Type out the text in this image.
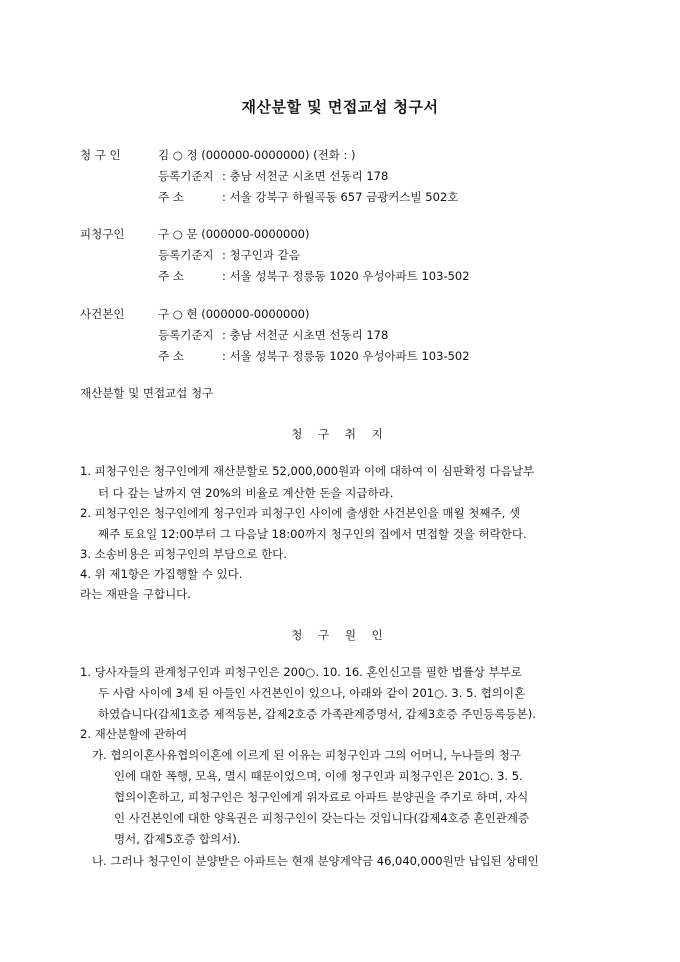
재산분할 및 면접교섭 청구서
청 구 인	김 ○ 정 (000000-0000000) (전화 : )
등록기준지 : 충남 서천군 시초면 선동리 178
주 소	: 서울 강북구 하월곡동 657 금광커스빌 502호
피청구인	구 ○ 문 (000000-0000000)
등록기준지 : 청구인과 같음
주 소	: 서울 성북구 정릉동 1020 우성아파트 103-502
사건본인	구 ○ 현 (000000-0000000)
등록기준지 : 충남 서천군 시초면 선동리 178
주 소	: 서울 성북구 정릉동 1020 우성아파트 103-502
재산분할 및 면접교섭 청구
청 구 취 지
1. 피청구인은 청구인에게 재산분할로 52,000,000원과 이에 대하여 이 심판확정 다음날부
터 다 갚는 날까지 연 20%의 비율로 계산한 돈을 지급하라.
2. 피청구인은 청구인에게 청구인과 피청구인 사이에 출생한 사건본인을 매월 첫째주, 셋
째주 토요일 12:00부터 그 다음날 18:00까지 청구인의 집에서 면접할 것을 허락한다.
3. 소송비용은 피청구인의 부담으로 한다.
4. 위 제1항은 가집행할 수 있다.
라는 재판을 구합니다.
청 구 원 인
1. 당사자들의 관계청구인과 피청구인은 200○. 10. 16. 혼인신고를 필한 법률상 부부로
두 사람 사이에 3세 된 아들인 사건본인이 있으나, 아래와 같이 201○. 3. 5. 협의이혼
하였습니다(갑제1호증 제적등본, 갑제2호증 가족관계증명서, 갑제3호증 주민등록등본).
2. 재산분할에 관하여
가. 협의이혼사유협의이혼에 이르게 된 이유는 피청구인과 그의 어머니, 누나들의 청구
인에 대한 폭행, 모욕, 멸시 때문이었으며, 이에 청구인과 피청구인은 201○. 3. 5.
협의이혼하고, 피청구인은 청구인에게 위자료로 아파트 분양권을 주기로 하며, 자식
인 사건본인에 대한 양육권은 피청구인이 갖는다는 것입니다(갑제4호증 혼인관계증
명서, 갑제5호증 합의서).
나. 그러나 청구인이 분양받은 아파트는 현재 분양계약금 46,040,000원만 납입된 상태인
